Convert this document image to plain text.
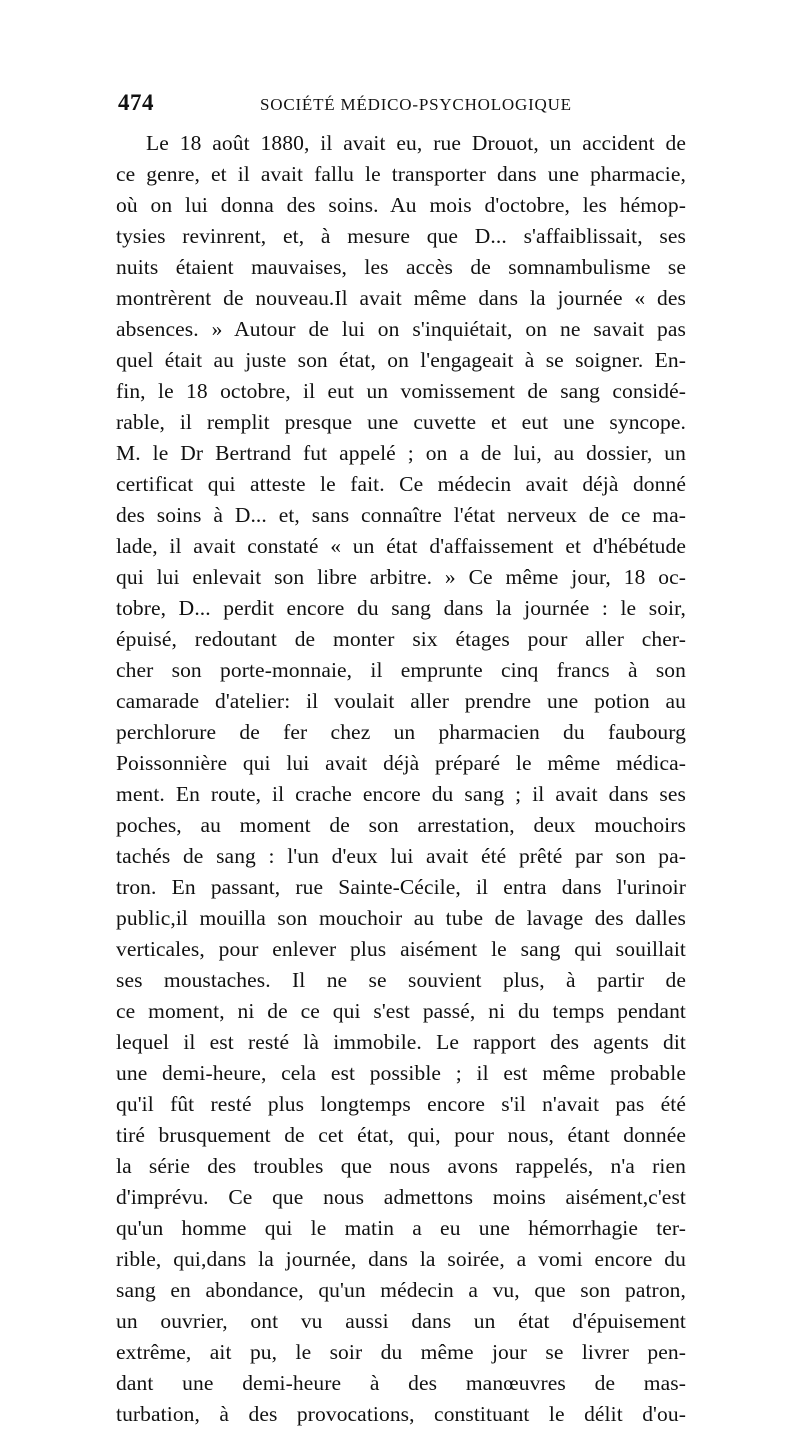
474	SOCIÉTÉ MÉDICO-PSYCHOLOGIQUE
Le 18 août 1880, il avait eu, rue Drouot, un accident de
ce genre, et il avait fallu le transporter dans une pharmacie,
où on lui donna des soins. Au mois d'octobre, les hémop-
tysies revinrent, et, à mesure que D... s'affaiblissait, ses
nuits étaient mauvaises, les accès de somnambulisme se
montrèrent de nouveau.Il avait même dans la journée « des
absences. » Autour de lui on s'inquiétait, on ne savait pas
quel était au juste son état, on l'engageait à se soigner. En-
fin, le 18 octobre, il eut un vomissement de sang considé-
rable, il remplit presque une cuvette et eut une syncope.
M. le Dr Bertrand fut appelé ; on a de lui, au dossier, un
certificat qui atteste le fait. Ce médecin avait déjà donné
des soins à D... et, sans connaître l'état nerveux de ce ma-
lade, il avait constaté « un état d'affaissement et d'hébétude
qui lui enlevait son libre arbitre. » Ce même jour, 18 oc-
tobre, D... perdit encore du sang dans la journée : le soir,
épuisé, redoutant de monter six étages pour aller cher-
cher son porte-monnaie, il emprunte cinq francs à son
camarade d'atelier: il voulait aller prendre une potion au
perchlorure de fer chez un pharmacien du faubourg
Poissonnière qui lui avait déjà préparé le même médica-
ment. En route, il crache encore du sang ; il avait dans ses
poches, au moment de son arrestation, deux mouchoirs
tachés de sang : l'un d'eux lui avait été prêté par son pa-
tron. En passant, rue Sainte-Cécile, il entra dans l'urinoir
public,il mouilla son mouchoir au tube de lavage des dalles
verticales, pour enlever plus aisément le sang qui souillait
ses moustaches. Il ne se souvient plus, à partir de
ce moment, ni de ce qui s'est passé, ni du temps pendant
lequel il est resté là immobile. Le rapport des agents dit
une demi-heure, cela est possible ; il est même probable
qu'il fût resté plus longtemps encore s'il n'avait pas été
tiré brusquement de cet état, qui, pour nous, étant donnée
la série des troubles que nous avons rappelés, n'a rien
d'imprévu. Ce que nous admettons moins aisément,c'est
qu'un homme qui le matin a eu une hémorrhagie ter-
rible, qui,dans la journée, dans la soirée, a vomi encore du
sang en abondance, qu'un médecin a vu, que son patron,
un ouvrier, ont vu aussi dans un état d'épuisement
extrême, ait pu, le soir du même jour se livrer pen-
dant une demi-heure à des manœuvres de mas-
turbation, à des provocations, constituant le délit d'ou-
